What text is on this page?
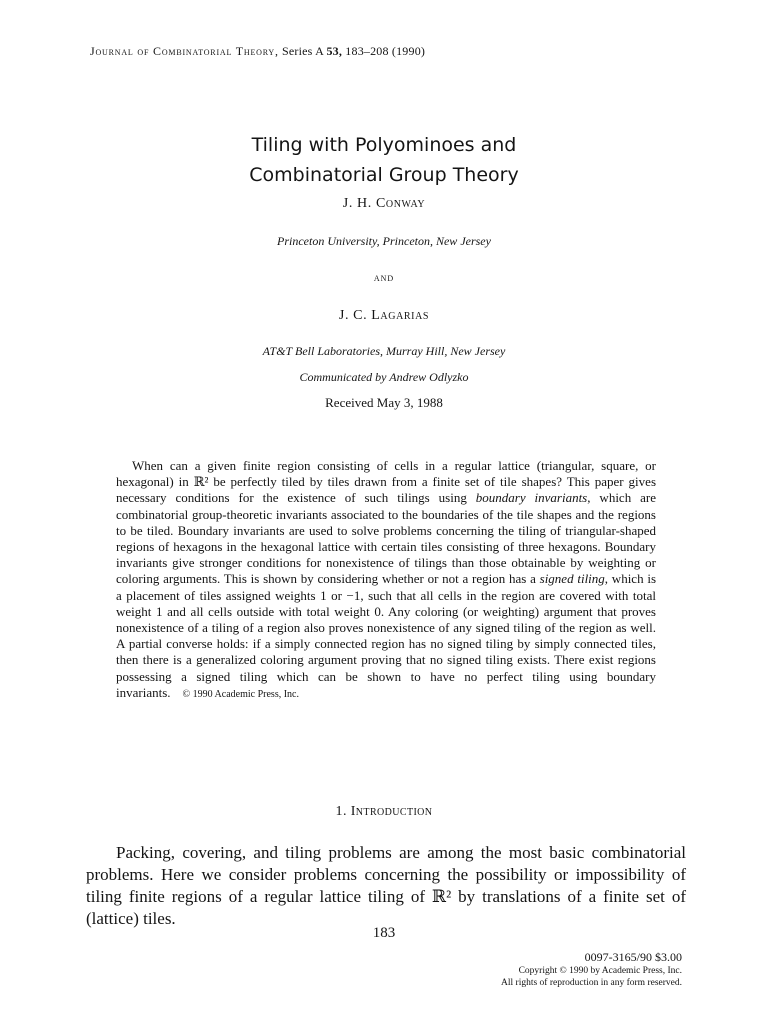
Journal of Combinatorial Theory, Series A 53, 183–208 (1990)
Tiling with Polyominoes and
Combinatorial Group Theory
J. H. Conway
Princeton University, Princeton, New Jersey
and
J. C. Lagarias
AT&T Bell Laboratories, Murray Hill, New Jersey
Communicated by Andrew Odlyzko
Received May 3, 1988

When can a given finite region consisting of cells in a regular lattice (triangular, square, or hexagonal) in ℝ² be perfectly tiled by tiles drawn from a finite set of tile shapes? This paper gives necessary conditions for the existence of such tilings using boundary invariants, which are combinatorial group-theoretic invariants associated to the boundaries of the tile shapes and the regions to be tiled. Boundary invariants are used to solve problems concerning the tiling of triangular-shaped regions of hexagons in the hexagonal lattice with certain tiles consisting of three hexagons. Boundary invariants give stronger conditions for nonexistence of tilings than those obtainable by weighting or coloring arguments. This is shown by considering whether or not a region has a signed tiling, which is a placement of tiles assigned weights 1 or −1, such that all cells in the region are covered with total weight 1 and all cells outside with total weight 0. Any coloring (or weighting) argument that proves nonexistence of a tiling of a region also proves nonexistence of any signed tiling of the region as well. A partial converse holds: if a simply connected region has no signed tiling by simply connected tiles, then there is a generalized coloring argument proving that no signed tiling exists. There exist regions possessing a signed tiling which can be shown to have no perfect tiling using boundary invariants. © 1990 Academic Press, Inc.

1. Introduction

Packing, covering, and tiling problems are among the most basic combinatorial problems. Here we consider problems concerning the possibility or impossibility of tiling finite regions of a regular lattice tiling of ℝ² by translations of a finite set of (lattice) tiles.

183
0097-3165/90 $3.00
Copyright © 1990 by Academic Press, Inc.
All rights of reproduction in any form reserved.
